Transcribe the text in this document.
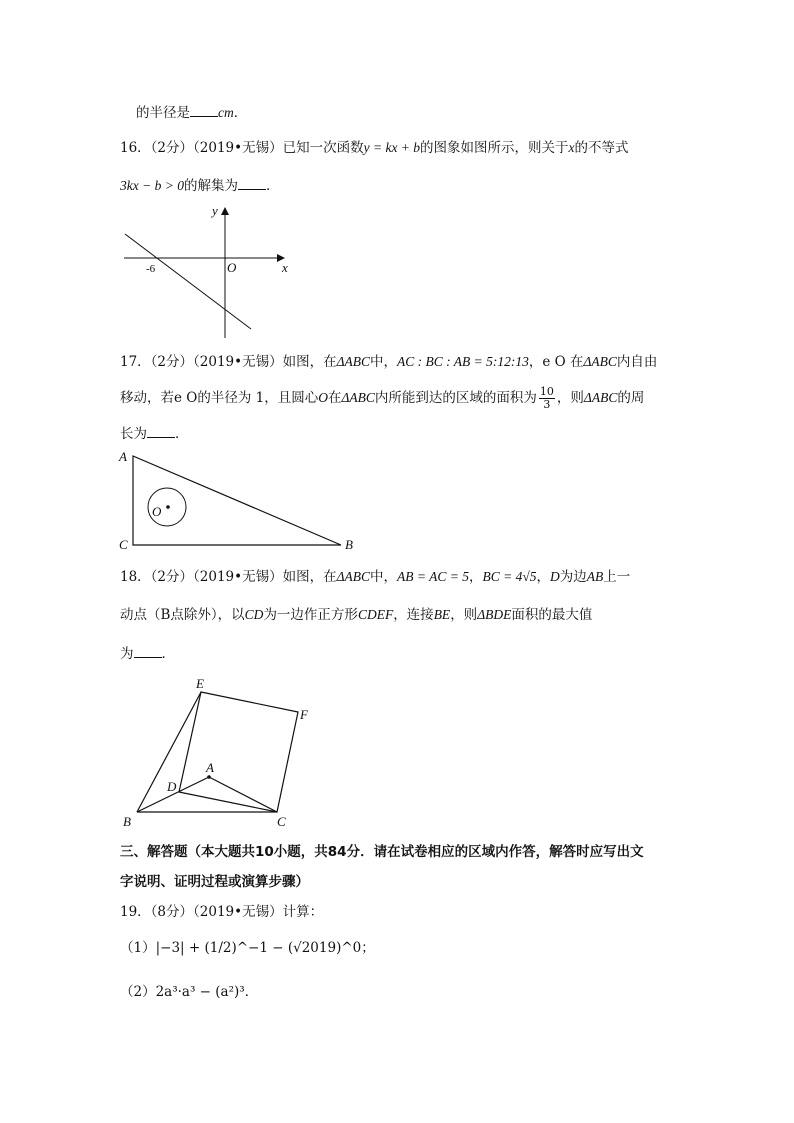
的半径是 cm．
16．（2分）（2019•无锡）已知一次函数y = kx + b的图象如图所示，则关于x的不等式
3kx − b > 0的解集为 ．
y
x
O
-6
17．（2分）（2019•无锡）如图，在ΔABC中，AC : BC : AB = 5:12:13，e O 在ΔABC内自由
移动，若e O的半径为 1，且圆心O在ΔABC内所能到达的区域的面积为 $\frac{10}{3}$ ，则ΔABC的周
长为 ．
A
C	B
O
18．（2分）（2019•无锡）如图，在ΔABC中，AB = AC = 5，BC = 4√5，D为边AB上一
动点（B点除外），以CD为一边作正方形CDEF，连接BE，则ΔBDE面积的最大值
为 ．
E
F
A
D
B	C
三、解答题（本大题共10小题，共84分．请在试卷相应的区域内作答，解答时应写出文
字说明、证明过程或演算步骤）
19．（8分）（2019•无锡）计算：
（1）|−3| + (1/2)^−1 − (√2019)^0；
（2）2a³·a³ − (a²)³．
